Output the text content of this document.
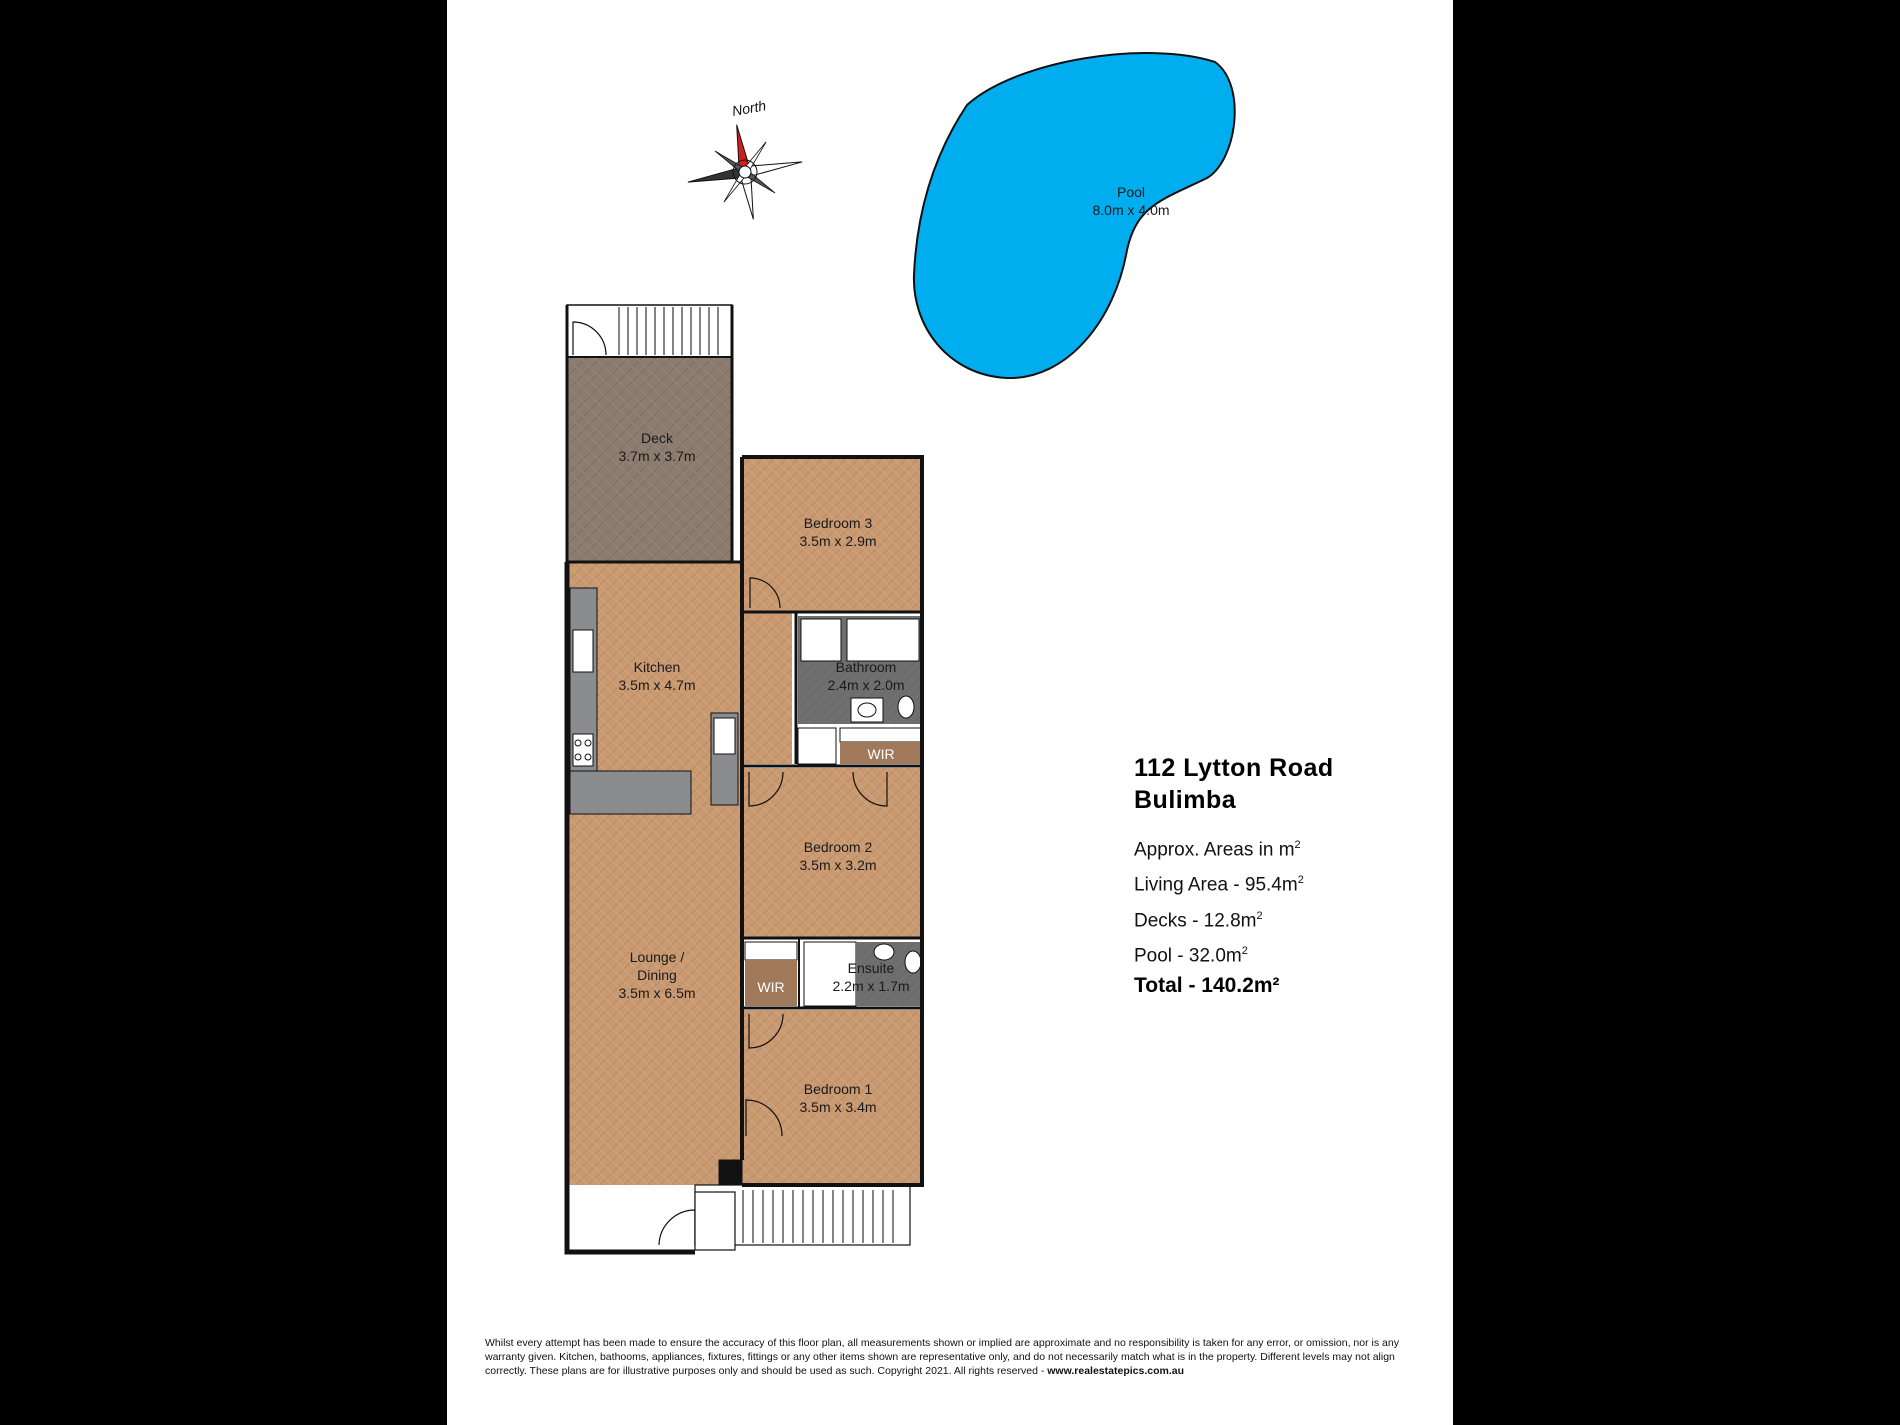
Pool
8.0m x 4.0m
North
Deck
3.7m x 3.7m
Bedroom 3
3.5m x 2.9m
Bathroom
2.4m x 2.0m
WIR
Bedroom 2
3.5m x 3.2m
WIR
Ensuite
2.2m x 1.7m
Bedroom 1
3.5m x 3.4m
Kitchen
3.5m x 4.7m
Lounge /
Dining
3.5m x 6.5m
112 Lytton Road
Bulimba
Approx. Areas in $m^2$
Living Area - $95.4m^2$
Decks - $12.8m^2$
Pool - $32.0m^2$
Total - 140.2m²
Whilst every attempt has been made to ensure the accuracy of this floor plan, all measurements shown or implied are approximate and no responsibility is taken for any error, or omission, nor is any warranty given. Kitchen, bathooms, appliances, fixtures, fittings or any other items shown are representative only, and do not necessarily match what is in the property. Different levels may not align correctly. These plans are for illustrative purposes only and should be used as such. Copyright 2021. All rights reserved - www.realestatepics.com.au
